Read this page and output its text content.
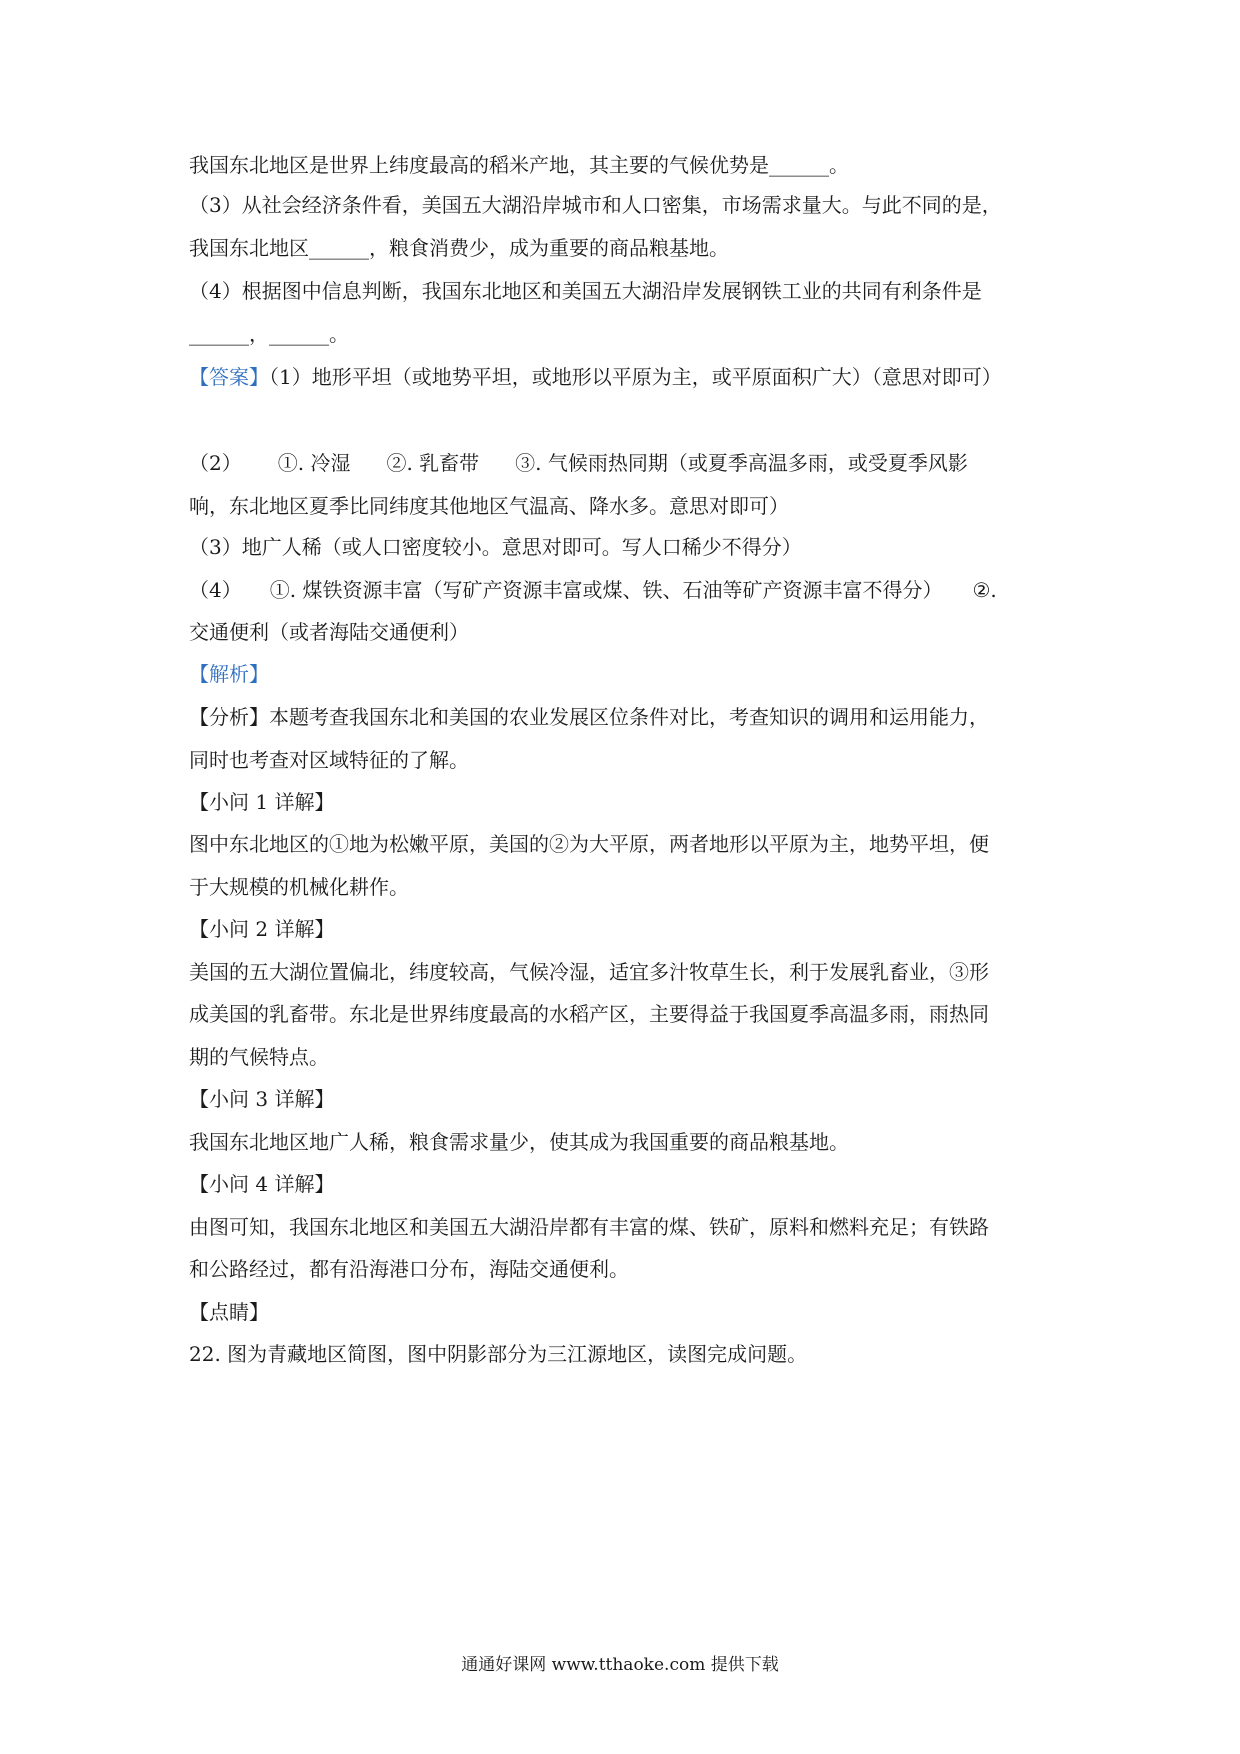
我国东北地区是世界上纬度最高的稻米产地，其主要的气候优势是______。
（3）从社会经济条件看，美国五大湖沿岸城市和人口密集，市场需求量大。与此不同的是，
我国东北地区______，粮食消费少，成为重要的商品粮基地。
（4）根据图中信息判断，我国东北地区和美国五大湖沿岸发展钢铁工业的共同有利条件是
______，______。
【答案】（1）地形平坦（或地势平坦，或地形以平原为主，或平原面积广大）（意思对即可）
（2） ①. 冷湿 ②. 乳畜带 ③. 气候雨热同期（或夏季高温多雨，或受夏季风影
响，东北地区夏季比同纬度其他地区气温高、降水多。意思对即可）
（3）地广人稀（或人口密度较小。意思对即可。写人口稀少不得分）
（4） ①. 煤铁资源丰富（写矿产资源丰富或煤、铁、石油等矿产资源丰富不得分） ②.
交通便利（或者海陆交通便利）
【解析】
【分析】本题考查我国东北和美国的农业发展区位条件对比，考查知识的调用和运用能力，
同时也考查对区域特征的了解。
【小问 1 详解】
图中东北地区的①地为松嫩平原，美国的②为大平原，两者地形以平原为主，地势平坦，便
于大规模的机械化耕作。
【小问 2 详解】
美国的五大湖位置偏北，纬度较高，气候冷湿，适宜多汁牧草生长，利于发展乳畜业，③形
成美国的乳畜带。东北是世界纬度最高的水稻产区，主要得益于我国夏季高温多雨，雨热同
期的气候特点。
【小问 3 详解】
我国东北地区地广人稀，粮食需求量少，使其成为我国重要的商品粮基地。
【小问 4 详解】
由图可知，我国东北地区和美国五大湖沿岸都有丰富的煤、铁矿，原料和燃料充足；有铁路
和公路经过，都有沿海港口分布，海陆交通便利。
【点睛】
22. 图为青藏地区简图，图中阴影部分为三江源地区，读图完成问题。
通通好课网 www.tthaoke.com 提供下载
